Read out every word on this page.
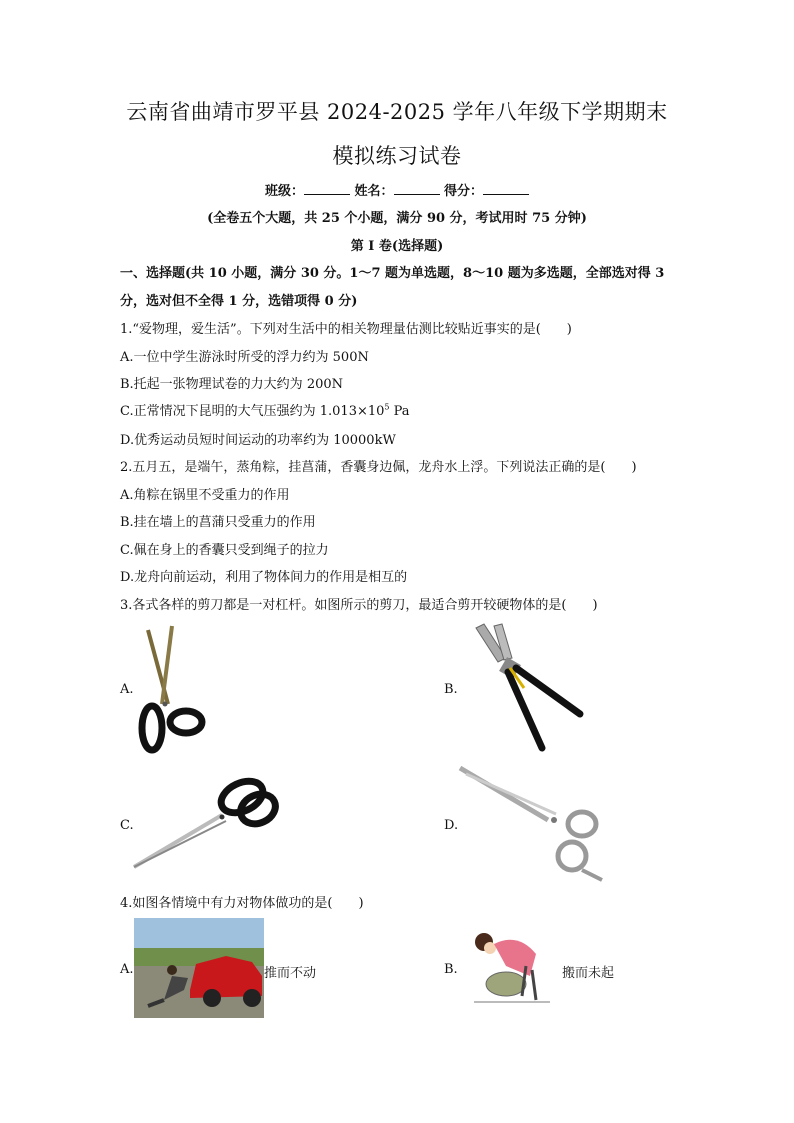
云南省曲靖市罗平县 2024-2025 学年八年级下学期期末
模拟练习试卷
班级：	姓名：	得分：
(全卷五个大题，共 25 个小题，满分 90 分，考试用时 75 分钟)
第 I 卷(选择题)
一、选择题(共 10 小题，满分 30 分。1～7 题为单选题，8～10 题为多选题，全部选对得 3
分，选对但不全得 1 分，选错项得 0 分)
1.“爱物理，爱生活”。下列对生活中的相关物理量估测比较贴近事实的是(　　)
A.一位中学生游泳时所受的浮力约为 500N
B.托起一张物理试卷的力大约为 200N
C.正常情况下昆明的大气压强约为 $1.013\times 10^5$ Pa
D.优秀运动员短时间运动的功率约为 10000kW
2.五月五，是端午，蒸角粽，挂菖蒲，香囊身边佩，龙舟水上浮。下列说法正确的是(　　)
A.角粽在锅里不受重力的作用
B.挂在墙上的菖蒲只受重力的作用
C.佩在身上的香囊只受到绳子的拉力
D.龙舟向前运动，利用了物体间力的作用是相互的
3.各式各样的剪刀都是一对杠杆。如图所示的剪刀，最适合剪开较硬物体的是(　　)
A.	B.
C.	D.
4.如图各情境中有力对物体做功的是(　　)
A.	推而不动	B.	搬而未起
